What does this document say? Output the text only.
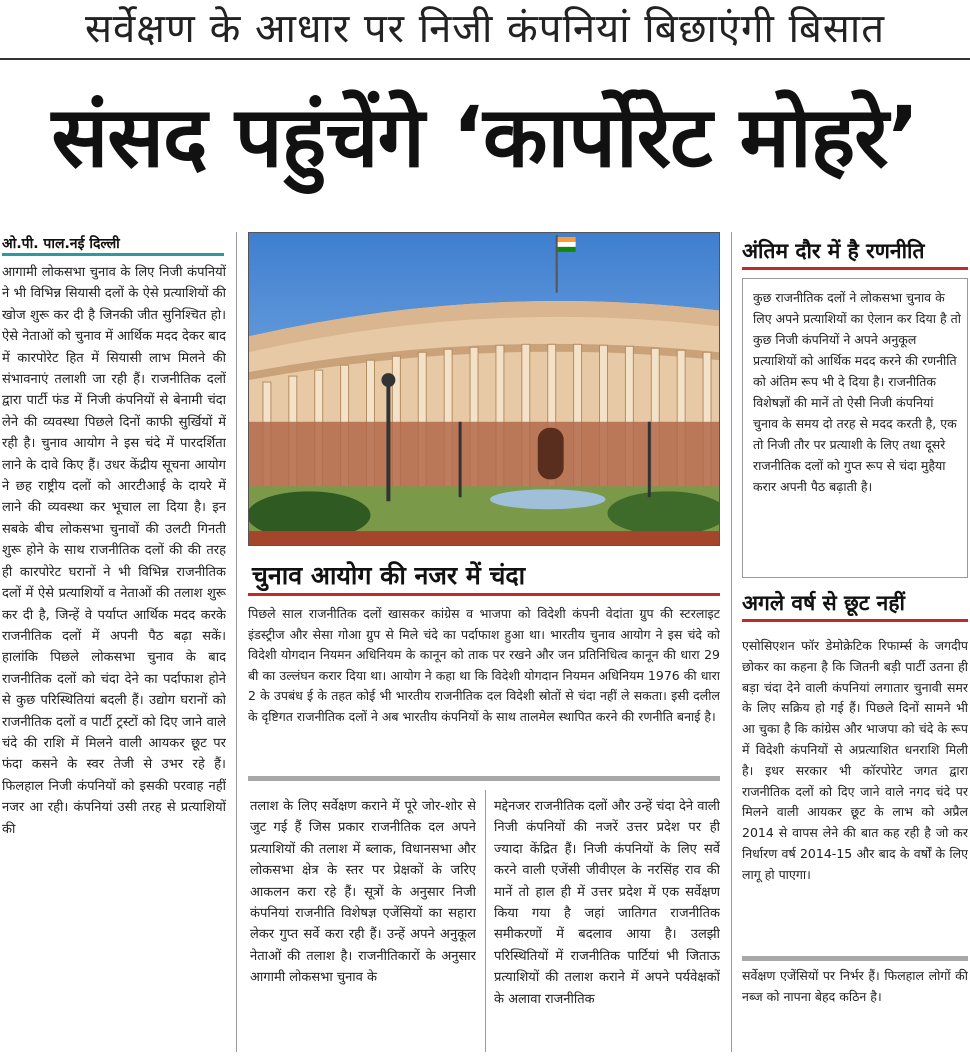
सर्वेक्षण के आधार पर निजी कंपनियां बिछाएंगी बिसात
संसद पहुंचेंगे ‘कार्पोरेट मोहरे’
ओ.पी. पाल.नई दिल्ली
आगामी लोकसभा चुनाव के लिए निजी कंपनियों ने भी विभिन्न सियासी दलों के ऐसे प्रत्याशियों की खोज शुरू कर दी है जिनकी जीत सुनिश्चित हो। ऐसे नेताओं को चुनाव में आर्थिक मदद देकर बाद में कारपोरेट हित में सियासी लाभ मिलने की संभावनाएं तलाशी जा रही हैं। राजनीतिक दलों द्वारा पार्टी फंड में निजी कंपनियों से बेनामी चंदा लेने की व्यवस्था पिछले दिनों काफी सुर्खियों में रही है। चुनाव आयोग ने इस चंदे में पारदर्शिता लाने के दावे किए हैं। उधर केंद्रीय सूचना आयोग ने छह राष्ट्रीय दलों को आरटीआई के दायरे में लाने की व्यवस्था कर भूचाल ला दिया है। इन सबके बीच लोकसभा चुनावों की उलटी गिनती शुरू होने के साथ राजनीतिक दलों की की तरह ही कारपोरेट घरानों ने भी विभिन्न राजनीतिक दलों में ऐसे प्रत्याशियों व नेताओं की तलाश शुरू कर दी है, जिन्हें वे पर्याप्त आर्थिक मदद करके राजनीतिक दलों में अपनी पैठ बढ़ा सकें। हालांकि पिछले लोकसभा चुनाव के बाद राजनीतिक दलों को चंदा देने का पर्दाफाश होने से कुछ परिस्थितियां बदली हैं। उद्योग घरानों को राजनीतिक दलों व पार्टी ट्रस्टों को दिए जाने वाले चंदे की राशि में मिलने वाली आयकर छूट पर फंदा कसने के स्वर तेजी से उभर रहे हैं। फिलहाल निजी कंपनियों को इसकी परवाह नहीं नजर आ रही। कंपनियां उसी तरह से प्रत्याशियों की
चुनाव आयोग की नजर में चंदा
पिछले साल राजनीतिक दलों खासकर कांग्रेस व भाजपा को विदेशी कंपनी वेदांता ग्रुप की स्टरलाइट इंडस्ट्रीज और सेसा गोआ ग्रुप से मिले चंदे का पर्दाफाश हुआ था। भारतीय चुनाव आयोग ने इस चंदे को विदेशी योगदान नियमन अधिनियम के कानून को ताक पर रखने और जन प्रतिनिधित्व कानून की धारा 29 बी का उल्लंघन करार दिया था। आयोग ने कहा था कि विदेशी योगदान नियमन अधिनियम 1976 की धारा 2 के उपबंध ई के तहत कोई भी भारतीय राजनीतिक दल विदेशी स्रोतों से चंदा नहीं ले सकता। इसी दलील के दृष्टिगत राजनीतिक दलों ने अब भारतीय कंपनियों के साथ तालमेल स्थापित करने की रणनीति बनाई है।
तलाश के लिए सर्वेक्षण कराने में पूरे जोर-शोर से जुट गई हैं जिस प्रकार राजनीतिक दल अपने प्रत्याशियों की तलाश में ब्लाक, विधानसभा और लोकसभा क्षेत्र के स्तर पर प्रेक्षकों के जरिए आकलन करा रहे हैं। सूत्रों के अनुसार निजी कंपनियां राजनीति विशेषज्ञ एजेंसियों का सहारा लेकर गुप्त सर्वे करा रही हैं। उन्हें अपने अनुकूल नेताओं की तलाश है। राजनीतिकारों के अनुसार आगामी लोकसभा चुनाव के
मद्देनजर राजनीतिक दलों और उन्हें चंदा देने वाली निजी कंपनियों की नजरें उत्तर प्रदेश पर ही ज्यादा केंद्रित हैं। निजी कंपनियों के लिए सर्वे करने वाली एजेंसी जीवीएल के नरसिंह राव की मानें तो हाल ही में उत्तर प्रदेश में एक सर्वेक्षण किया गया है जहां जातिगत राजनीतिक समीकरणों में बदलाव आया है। उलझी परिस्थितियों में राजनीतिक पार्टियां भी जिताऊ प्रत्याशियों की तलाश कराने में अपने पर्यवेक्षकों के अलावा राजनीतिक
अंतिम दौर में है रणनीति
कुछ राजनीतिक दलों ने लोकसभा चुनाव के लिए अपने प्रत्याशियों का ऐलान कर दिया है तो कुछ निजी कंपनियों ने अपने अनुकूल प्रत्याशियों को आर्थिक मदद करने की रणनीति को अंतिम रूप भी दे दिया है। राजनीतिक विशेषज्ञों की मानें तो ऐसी निजी कंपनियां चुनाव के समय दो तरह से मदद करती है, एक तो निजी तौर पर प्रत्याशी के लिए तथा दूसरे राजनीतिक दलों को गुप्त रूप से चंदा मुहैया करार अपनी पैठ बढ़ाती है।
अगले वर्ष से छूट नहीं
एसोसिएशन फॉर डेमोक्रेटिक रिफार्म्स के जगदीप छोकर का कहना है कि जितनी बड़ी पार्टी उतना ही बड़ा चंदा देने वाली कंपनियां लगातार चुनावी समर के लिए सक्रिय हो गई हैं। पिछले दिनों सामने भी आ चुका है कि कांग्रेस और भाजपा को चंदे के रूप में विदेशी कंपनियों से अप्रत्याशित धनराशि मिली है। इधर सरकार भी कॉरपोरेट जगत द्वारा राजनीतिक दलों को दिए जाने वाले नगद चंदे पर मिलने वाली आयकर छूट के लाभ को अप्रैल 2014 से वापस लेने की बात कह रही है जो कर निर्धारण वर्ष 2014-15 और बाद के वर्षों के लिए लागू हो पाएगा।
सर्वेक्षण एजेंसियों पर निर्भर हैं। फिलहाल लोगों की नब्ज को नापना बेहद कठिन है।
